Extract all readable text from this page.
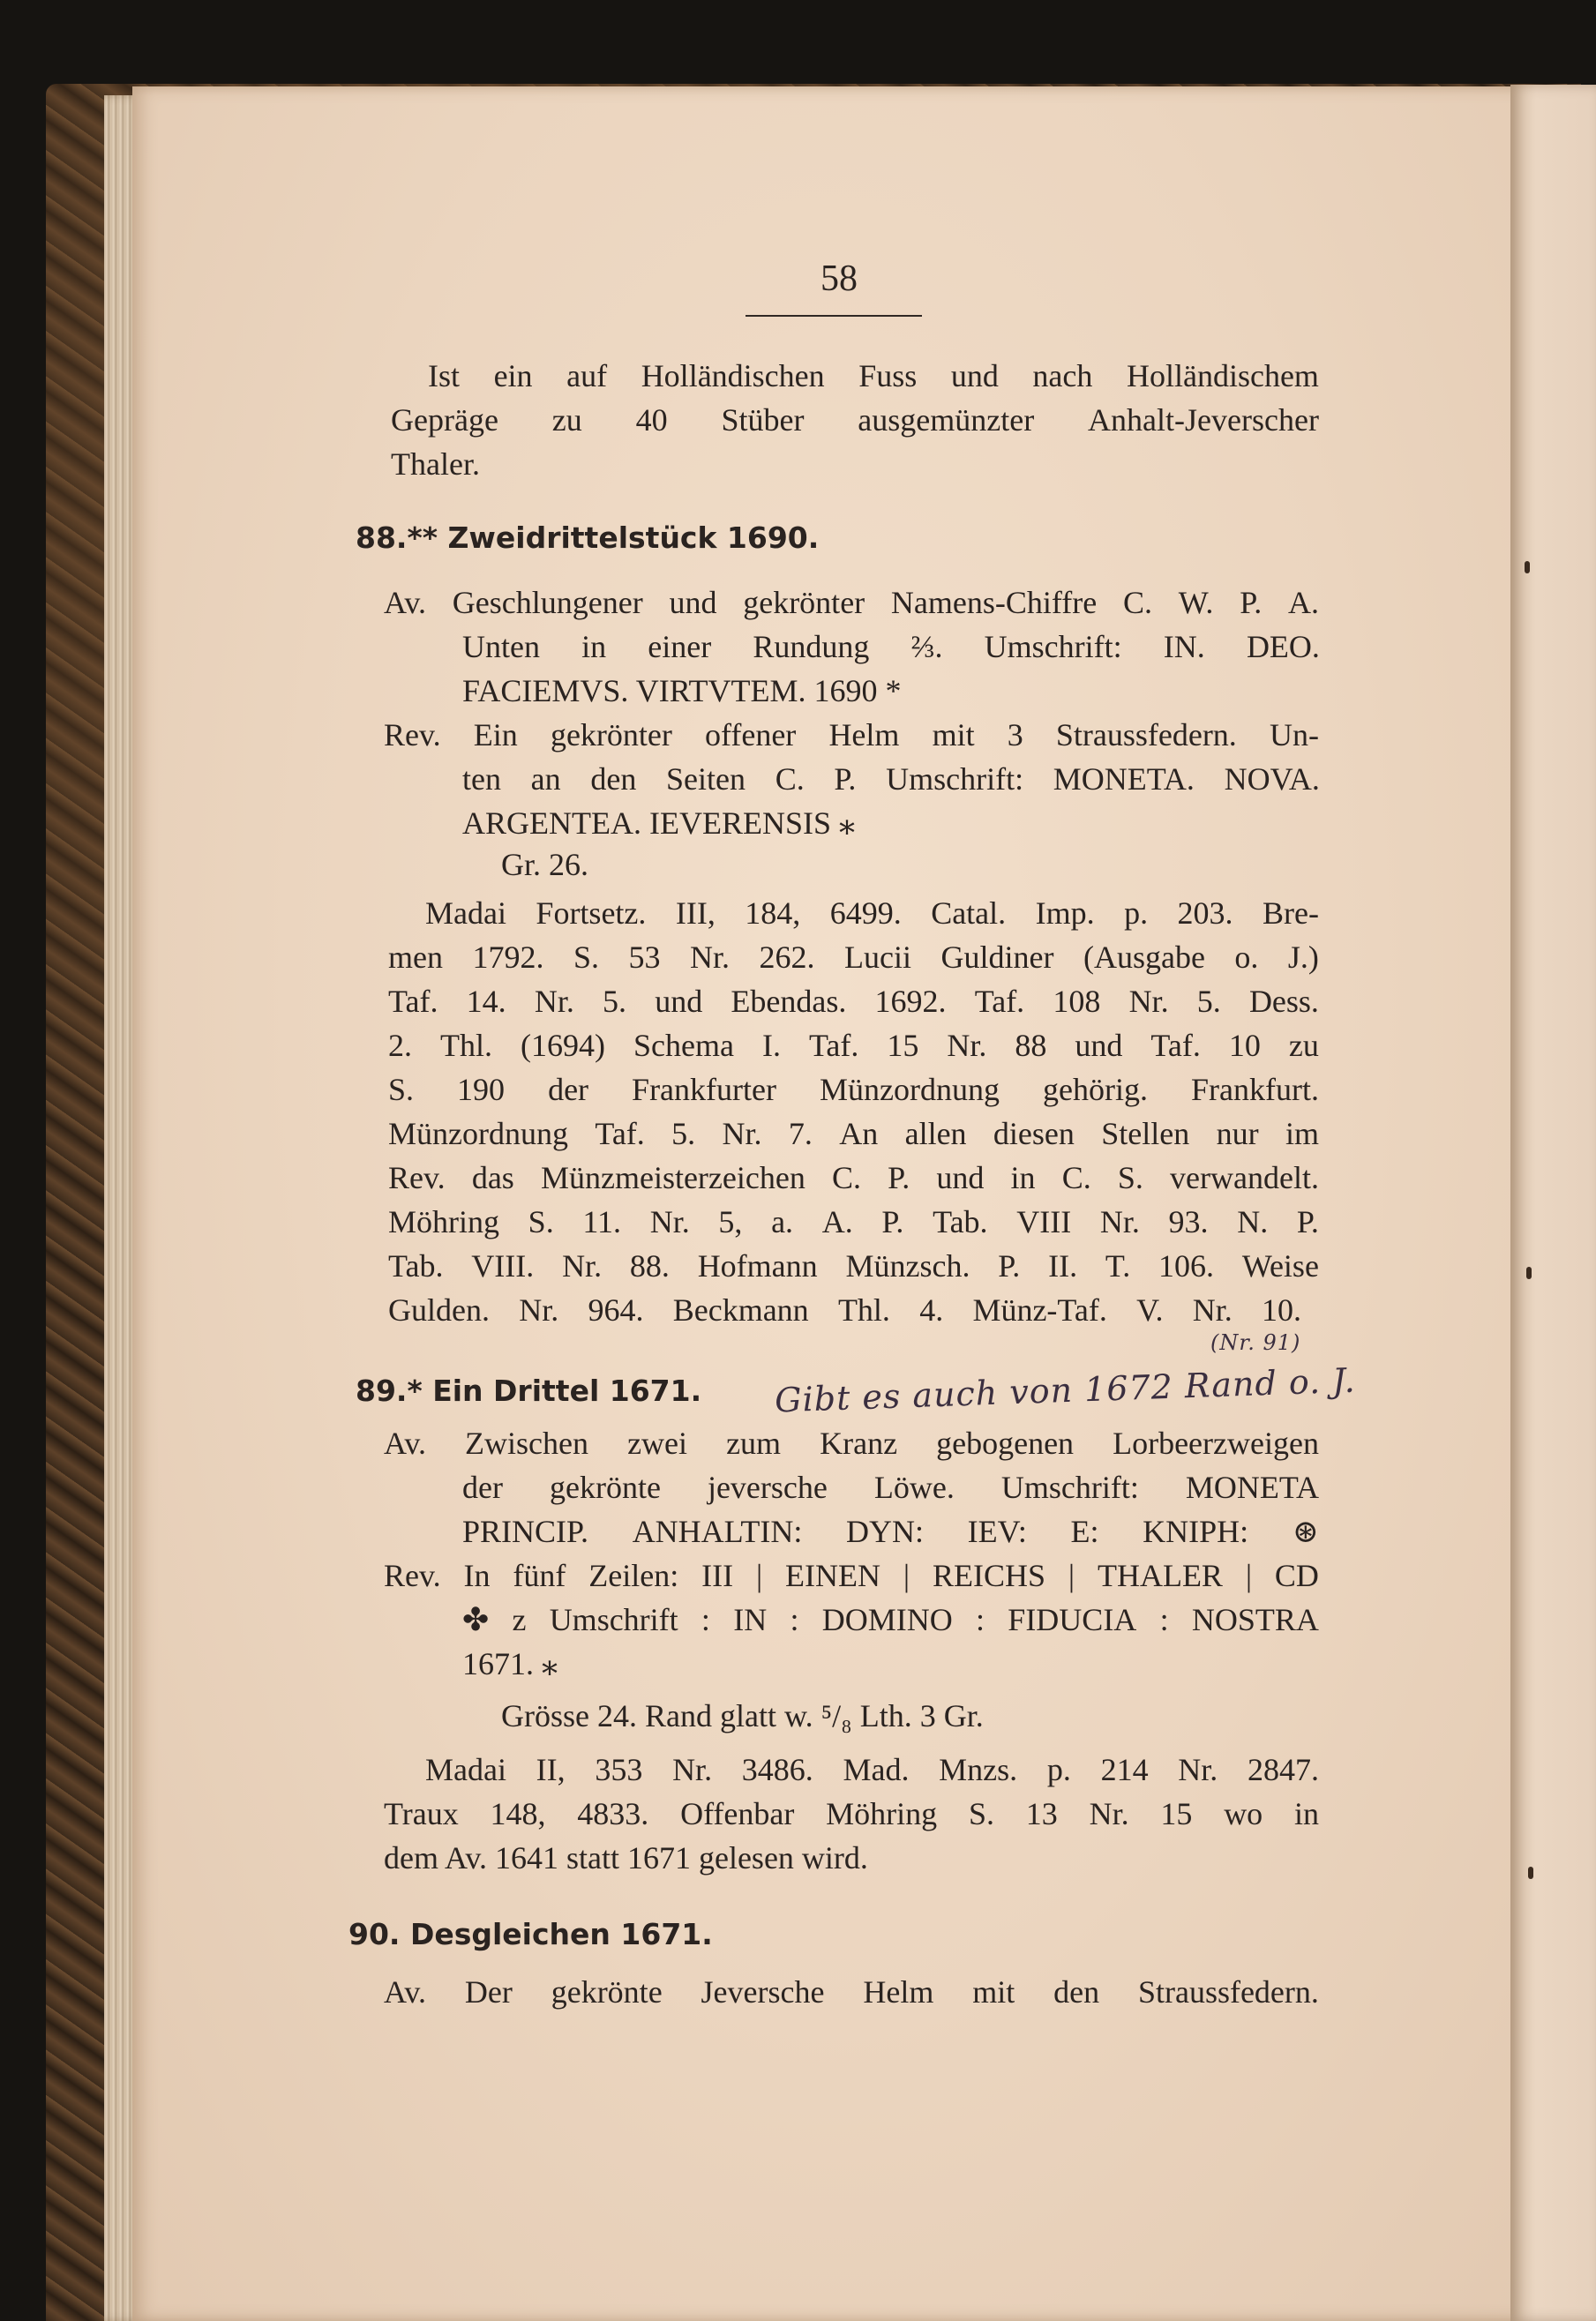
58
Ist ein auf Holländischen Fuss und nach Holländischem
Gepräge zu 40 Stüber ausgemünzter Anhalt-Jeverscher
Thaler.
88.** Zweidrittelstück 1690.
Av. Geschlungener und gekrönter Namens-Chiffre C. W. P. A.
Unten in einer Rundung ⅔. Umschrift: IN. DEO.
FACIEMVS. VIRTVTEM. 1690 *
Rev. Ein gekrönter offener Helm mit 3 Straussfedern. Un-
ten an den Seiten C. P. Umschrift: MONETA. NOVA.
ARGENTEA. IEVERENSIS ⁎
Gr. 26.
Madai Fortsetz. III, 184, 6499. Catal. Imp. p. 203. Bre-
men 1792. S. 53 Nr. 262. Lucii Guldiner (Ausgabe o. J.)
Taf. 14. Nr. 5. und Ebendas. 1692. Taf. 108 Nr. 5. Dess.
2. Thl. (1694) Schema I. Taf. 15 Nr. 88 und Taf. 10 zu
S. 190 der Frankfurter Münzordnung gehörig. Frankfurt.
Münzordnung Taf. 5. Nr. 7. An allen diesen Stellen nur im
Rev. das Münzmeisterzeichen C. P. und in C. S. verwandelt.
Möhring S. 11. Nr. 5, a. A. P. Tab. VIII Nr. 93. N. P.
Tab. VIII. Nr. 88. Hofmann Münzsch. P. II. T. 106. Weise
Gulden. Nr. 964. Beckmann Thl. 4. Münz-Taf. V. Nr. 10.
89.* Ein Drittel 1671. Gibt es auch von 1672 Rand o. J.
(Nr. 91)
Av. Zwischen zwei zum Kranz gebogenen Lorbeerzweigen
der gekrönte jeversche Löwe. Umschrift: MONETA
PRINCIP. ANHALTIN: DYN: IEV: E: KNIPH: ⊛
Rev. In fünf Zeilen: III | EINEN | REICHS | THALER | CD
✤ z Umschrift : IN : DOMINO : FIDUCIA : NOSTRA
1671. ⁎
Grösse 24. Rand glatt w. ⁵/₈ Lth. 3 Gr.
Madai II, 353 Nr. 3486. Mad. Mnzs. p. 214 Nr. 2847.
Traux 148, 4833. Offenbar Möhring S. 13 Nr. 15 wo in
dem Av. 1641 statt 1671 gelesen wird.
90. Desgleichen 1671.
Av. Der gekrönte Jeversche Helm mit den Straussfedern.
